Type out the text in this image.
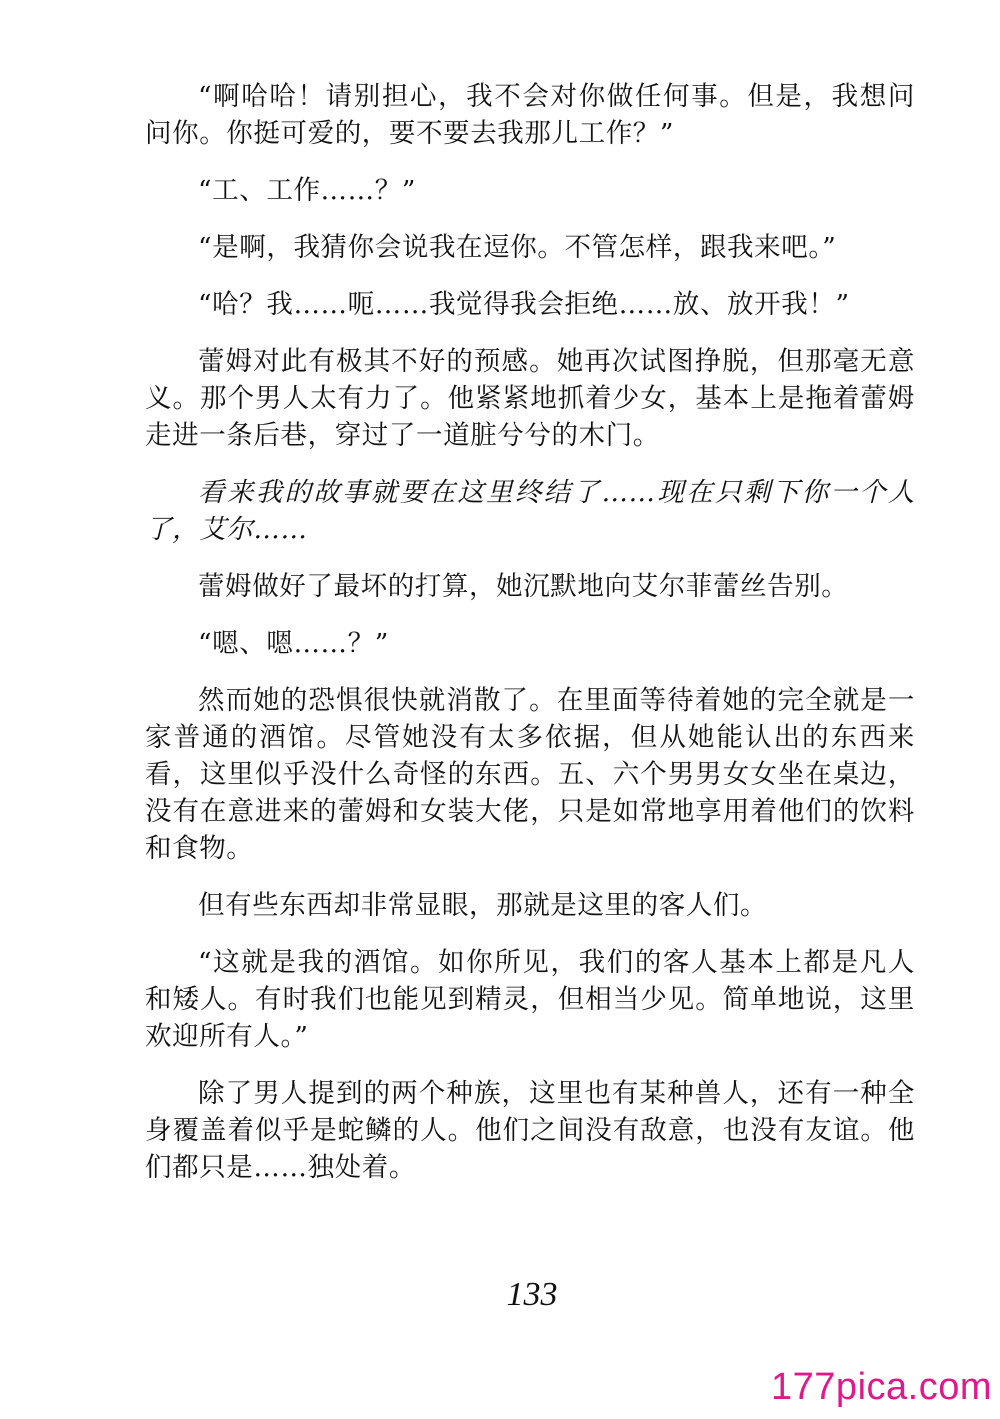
“啊哈哈！请别担心，我不会对你做任何事。但是，我想问问你。你挺可爱的，要不要去我那儿工作？”

“工、工作……？”

“是啊，我猜你会说我在逗你。不管怎样，跟我来吧。”

“哈？我……呃……我觉得我会拒绝……放、放开我！”

蕾姆对此有极其不好的预感。她再次试图挣脱，但那毫无意义。那个男人太有力了。他紧紧地抓着少女，基本上是拖着蕾姆走进一条后巷，穿过了一道脏兮兮的木门。

看来我的故事就要在这里终结了……现在只剩下你一个人了，艾尔……

蕾姆做好了最坏的打算，她沉默地向艾尔菲蕾丝告别。

“嗯、嗯……？”

然而她的恐惧很快就消散了。在里面等待着她的完全就是一家普通的酒馆。尽管她没有太多依据，但从她能认出的东西来看，这里似乎没什么奇怪的东西。五、六个男男女女坐在桌边，没有在意进来的蕾姆和女装大佬，只是如常地享用着他们的饮料和食物。

但有些东西却非常显眼，那就是这里的客人们。

“这就是我的酒馆。如你所见，我们的客人基本上都是凡人和矮人。有时我们也能见到精灵，但相当少见。简单地说，这里欢迎所有人。”

除了男人提到的两个种族，这里也有某种兽人，还有一种全身覆盖着似乎是蛇鳞的人。他们之间没有敌意，也没有友谊。他们都只是……独处着。

133
177pica.com
